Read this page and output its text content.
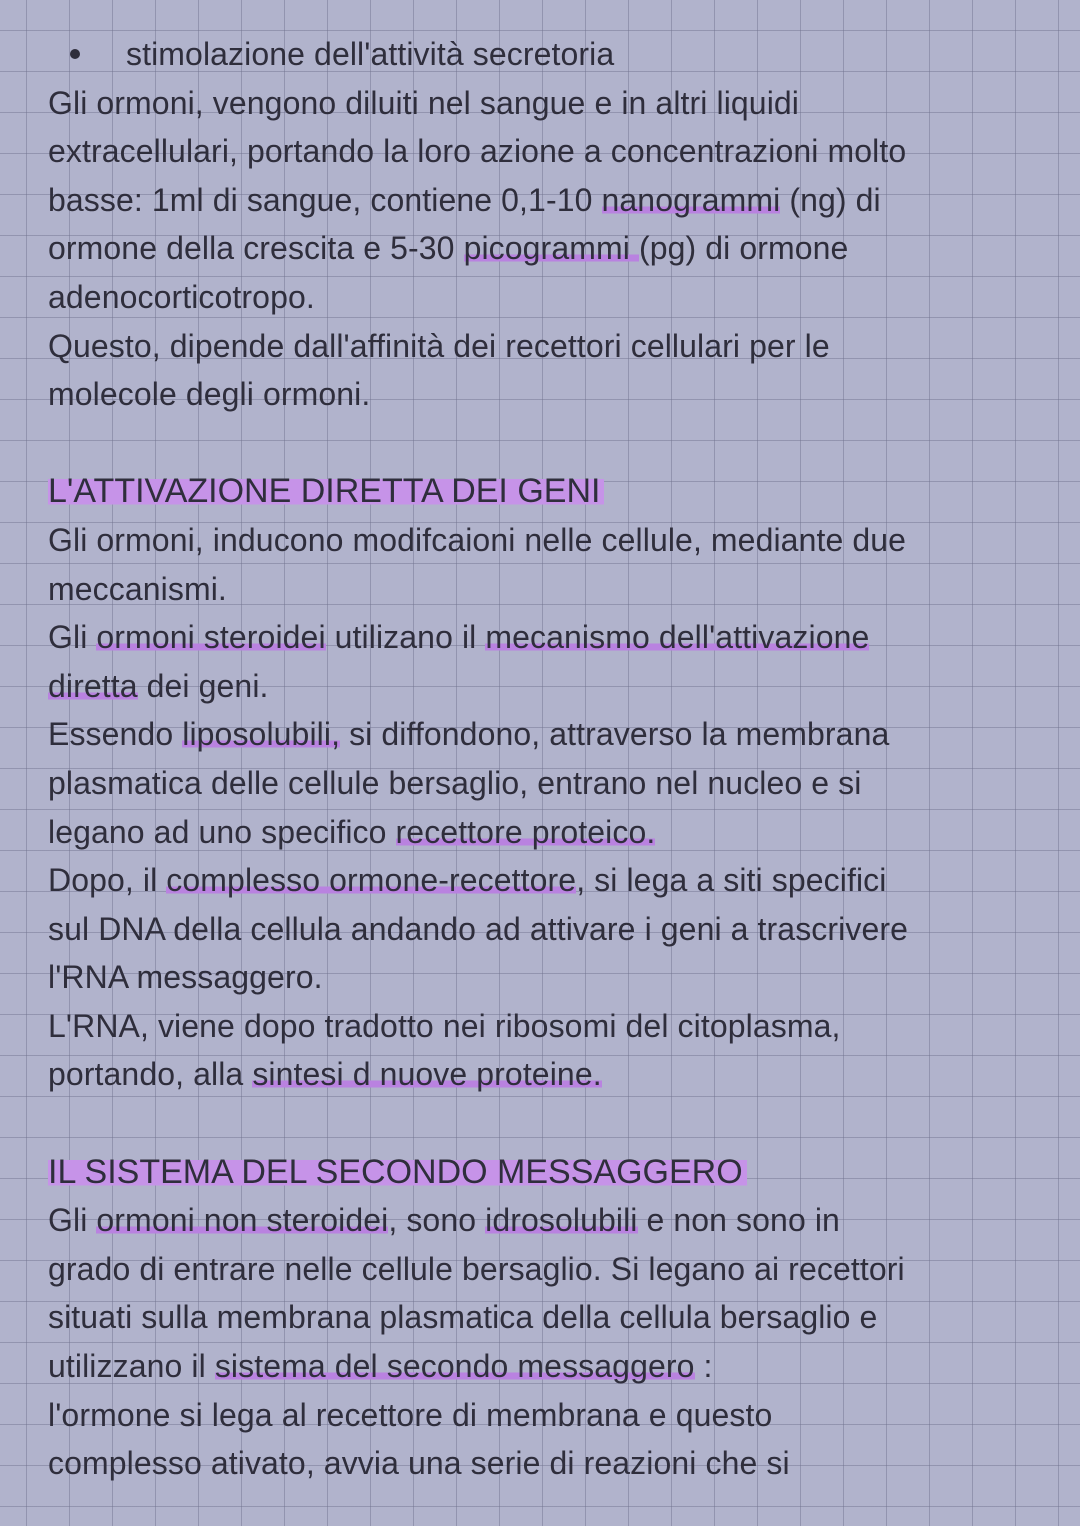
stimolazione dell'attività secretoria
Gli ormoni, vengono diluiti nel sangue e in altri liquidi
extracellulari, portando la loro azione a concentrazioni molto
basse: 1ml di sangue, contiene 0,1-10 nanogrammi (ng) di
ormone della crescita e 5-30 picogrammi (pg) di ormone
adenocorticotropo.
Questo, dipende dall'affinità dei recettori cellulari per le
molecole degli ormoni.
L'ATTIVAZIONE DIRETTA DEI GENI
Gli ormoni, inducono modifcaioni nelle cellule, mediante due
meccanismi.
Gli ormoni steroidei utilizano il mecanismo dell'attivazione
diretta dei geni.
Essendo liposolubili, si diffondono, attraverso la membrana
plasmatica delle cellule bersaglio, entrano nel nucleo e si
legano ad uno specifico recettore proteico.
Dopo, il complesso ormone-recettore, si lega a siti specifici
sul DNA della cellula andando ad attivare i geni a trascrivere
l'RNA messaggero.
L'RNA, viene dopo tradotto nei ribosomi del citoplasma,
portando, alla sintesi d nuove proteine.
IL SISTEMA DEL SECONDO MESSAGGERO
Gli ormoni non steroidei, sono idrosolubili e non sono in
grado di entrare nelle cellule bersaglio. Si legano ai recettori
situati sulla membrana plasmatica della cellula bersaglio e
utilizzano il sistema del secondo messaggero :
l'ormone si lega al recettore di membrana e questo
complesso ativato, avvia una serie di reazioni che si
